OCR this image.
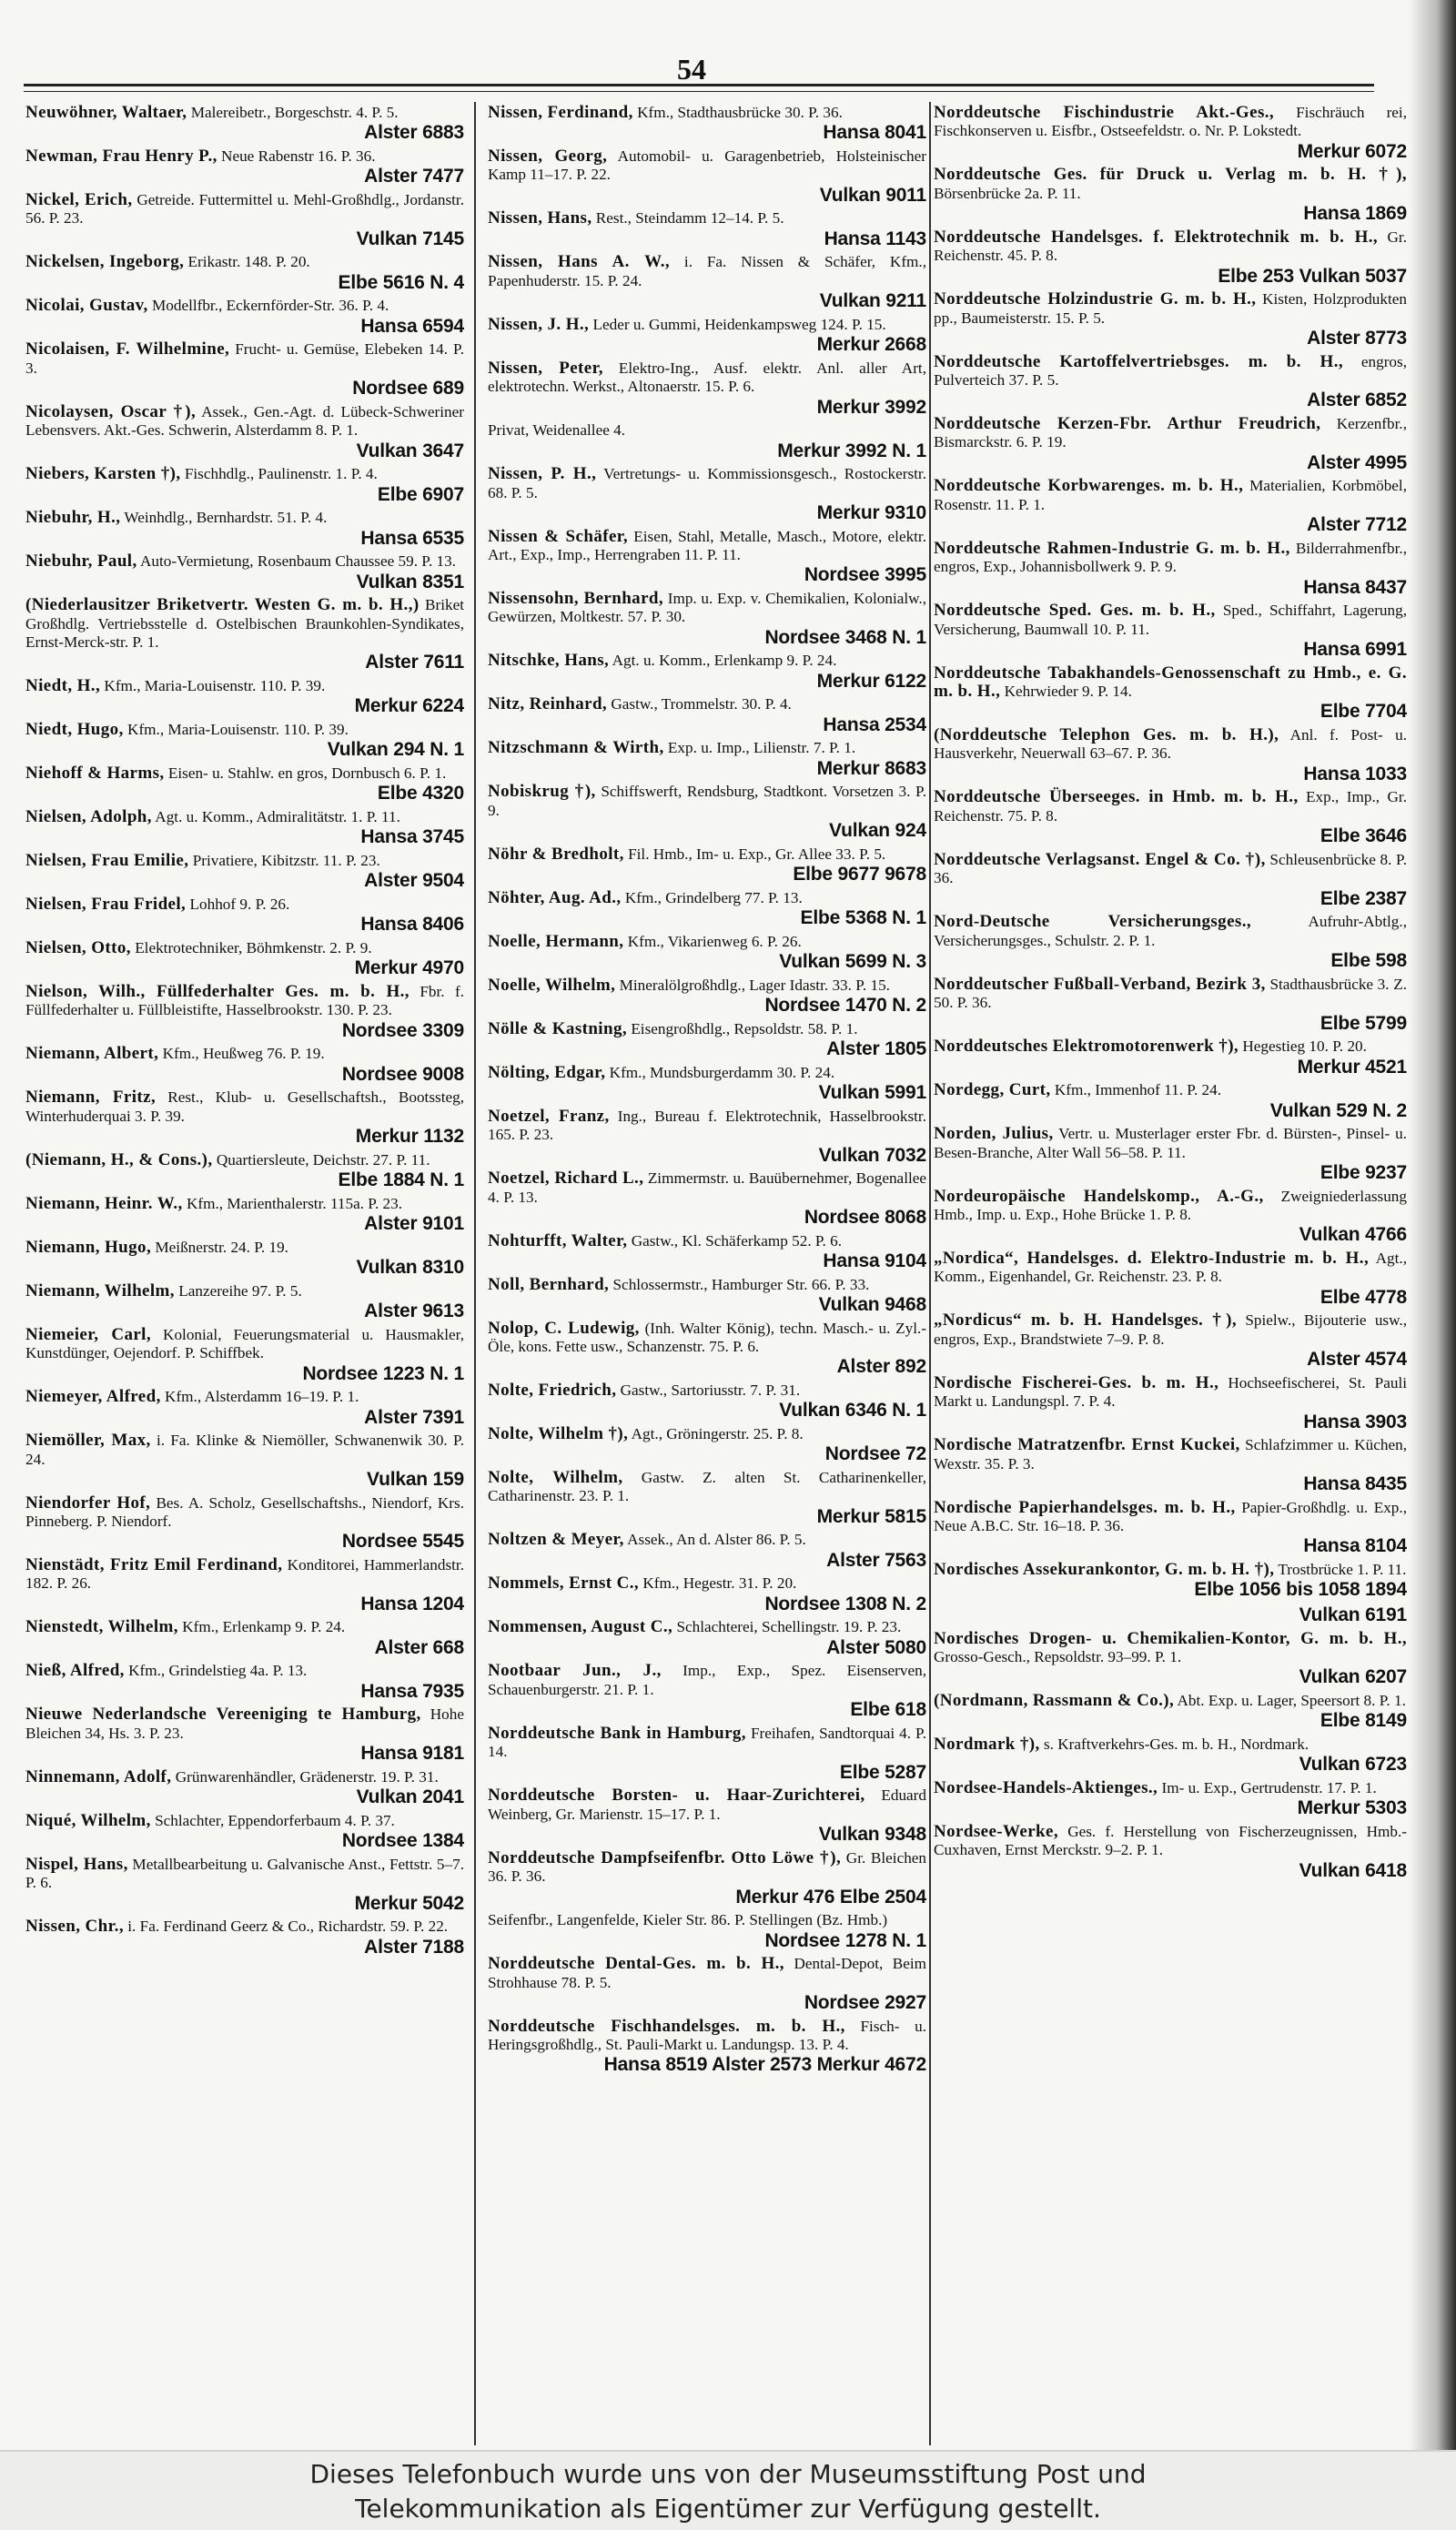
54
Neuwöhner, Waltaer, Malereibetr., Borgeschstr. 4. P. 5.
Alster 6883
Newman, Frau Henry P., Neue Rabenstr 16. P. 36.
Alster 7477
Nickel, Erich, Getreide. Futtermittel u. Mehl-Großhdlg., Jordanstr. 56. P. 23.
Vulkan 7145
Nickelsen, Ingeborg, Erikastr. 148. P. 20.
Elbe 5616 N. 4
Nicolai, Gustav, Modellfbr., Eckernförder-Str. 36. P. 4.
Hansa 6594
Nicolaisen, F. Wilhelmine, Frucht- u. Gemüse, Elebeken 14. P. 3.
Nordsee 689
Nicolaysen, Oscar †), Assek., Gen.-Agt. d. Lübeck-Schweriner Lebensvers. Akt.-Ges. Schwerin, Alsterdamm 8. P. 1.
Vulkan 3647
Niebers, Karsten †), Fischhdlg., Paulinenstr. 1. P. 4.
Elbe 6907
Niebuhr, H., Weinhdlg., Bernhardstr. 51. P. 4.
Hansa 6535
Niebuhr, Paul, Auto-Vermietung, Rosenbaum Chaussee 59. P. 13.
Vulkan 8351
(Niederlausitzer Briketvertr. Westen G. m. b. H.,) Briket Großhdlg. Vertriebsstelle d. Ostelbischen Braunkohlen-Syndikates, Ernst-Merck-str. P. 1.
Alster 7611
Niedt, H., Kfm., Maria-Louisenstr. 110. P. 39.
Merkur 6224
Niedt, Hugo, Kfm., Maria-Louisenstr. 110. P. 39.
Vulkan 294 N. 1
Niehoff & Harms, Eisen- u. Stahlw. en gros, Dornbusch 6. P. 1.
Elbe 4320
Nielsen, Adolph, Agt. u. Komm., Admiralitätstr. 1. P. 11.
Hansa 3745
Nielsen, Frau Emilie, Privatiere, Kibitzstr. 11. P. 23.
Alster 9504
Nielsen, Frau Fridel, Lohhof 9. P. 26.
Hansa 8406
Nielsen, Otto, Elektrotechniker, Böhmkenstr. 2. P. 9.
Merkur 4970
Nielson, Wilh., Füllfederhalter Ges. m. b. H., Fbr. f. Füllfederhalter u. Füllbleistifte, Hasselbrookstr. 130. P. 23.
Nordsee 3309
Niemann, Albert, Kfm., Heußweg 76. P. 19.
Nordsee 9008
Niemann, Fritz, Rest., Klub- u. Gesellschaftsh., Bootssteg, Winterhuderquai 3. P. 39.
Merkur 1132
(Niemann, H., & Cons.), Quartiersleute, Deichstr. 27. P. 11.
Elbe 1884 N. 1
Niemann, Heinr. W., Kfm., Marienthalerstr. 115a. P. 23.
Alster 9101
Niemann, Hugo, Meißnerstr. 24. P. 19.
Vulkan 8310
Niemann, Wilhelm, Lanzereihe 97. P. 5.
Alster 9613
Niemeier, Carl, Kolonial, Feuerungsmaterial u. Hausmakler, Kunstdünger, Oejendorf. P. Schiffbek.
Nordsee 1223 N. 1
Niemeyer, Alfred, Kfm., Alsterdamm 16–19. P. 1.
Alster 7391
Niemöller, Max, i. Fa. Klinke & Niemöller, Schwanenwik 30. P. 24.
Vulkan 159
Niendorfer Hof, Bes. A. Scholz, Gesellschaftshs., Niendorf, Krs. Pinneberg. P. Niendorf.
Nordsee 5545
Nienstädt, Fritz Emil Ferdinand, Konditorei, Hammerlandstr. 182. P. 26.
Hansa 1204
Nienstedt, Wilhelm, Kfm., Erlenkamp 9. P. 24.
Alster 668
Nieß, Alfred, Kfm., Grindelstieg 4a. P. 13.
Hansa 7935
Nieuwe Nederlandsche Vereeniging te Hamburg, Hohe Bleichen 34, Hs. 3. P. 23.
Hansa 9181
Ninnemann, Adolf, Grünwarenhändler, Grädenerstr. 19. P. 31.
Vulkan 2041
Niqué, Wilhelm, Schlachter, Eppendorferbaum 4. P. 37.
Nordsee 1384
Nispel, Hans, Metallbearbeitung u. Galvanische Anst., Fettstr. 5–7. P. 6.
Merkur 5042
Nissen, Chr., i. Fa. Ferdinand Geerz & Co., Richardstr. 59. P. 22.
Alster 7188
Nissen, Ferdinand, Kfm., Stadthausbrücke 30. P. 36.
Hansa 8041
Nissen, Georg, Automobil- u. Garagenbetrieb, Holsteinischer Kamp 11–17. P. 22.
Vulkan 9011
Nissen, Hans, Rest., Steindamm 12–14. P. 5.
Hansa 1143
Nissen, Hans A. W., i. Fa. Nissen & Schäfer, Kfm., Papenhuderstr. 15. P. 24.
Vulkan 9211
Nissen, J. H., Leder u. Gummi, Heidenkampsweg 124. P. 15.
Merkur 2668
Nissen, Peter, Elektro-Ing., Ausf. elektr. Anl. aller Art, elektrotechn. Werkst., Altonaerstr. 15. P. 6.
Merkur 3992
Privat, Weidenallee 4.
Merkur 3992 N. 1
Nissen, P. H., Vertretungs- u. Kommissionsgesch., Rostockerstr. 68. P. 5.
Merkur 9310
Nissen & Schäfer, Eisen, Stahl, Metalle, Masch., Motore, elektr. Art., Exp., Imp., Herrengraben 11. P. 11.
Nordsee 3995
Nissensohn, Bernhard, Imp. u. Exp. v. Chemikalien, Kolonialw., Gewürzen, Moltkestr. 57. P. 30.
Nordsee 3468 N. 1
Nitschke, Hans, Agt. u. Komm., Erlenkamp 9. P. 24.
Merkur 6122
Nitz, Reinhard, Gastw., Trommelstr. 30. P. 4.
Hansa 2534
Nitzschmann & Wirth, Exp. u. Imp., Lilienstr. 7. P. 1.
Merkur 8683
Nobiskrug †), Schiffswerft, Rendsburg, Stadtkont. Vorsetzen 3. P. 9.
Vulkan 924
Nöhr & Bredholt, Fil. Hmb., Im- u. Exp., Gr. Allee 33. P. 5.
Elbe 9677 9678
Nöhter, Aug. Ad., Kfm., Grindelberg 77. P. 13.
Elbe 5368 N. 1
Noelle, Hermann, Kfm., Vikarienweg 6. P. 26.
Vulkan 5699 N. 3
Noelle, Wilhelm, Mineralölgroßhdlg., Lager Idastr. 33. P. 15.
Nordsee 1470 N. 2
Nölle & Kastning, Eisengroßhdlg., Repsoldstr. 58. P. 1.
Alster 1805
Nölting, Edgar, Kfm., Mundsburgerdamm 30. P. 24.
Vulkan 5991
Noetzel, Franz, Ing., Bureau f. Elektrotechnik, Hasselbrookstr. 165. P. 23.
Vulkan 7032
Noetzel, Richard L., Zimmermstr. u. Bauübernehmer, Bogenallee 4. P. 13.
Nordsee 8068
Nohturfft, Walter, Gastw., Kl. Schäferkamp 52. P. 6.
Hansa 9104
Noll, Bernhard, Schlossermstr., Hamburger Str. 66. P. 33.
Vulkan 9468
Nolop, C. Ludewig, (Inh. Walter König), techn. Masch.- u. Zyl.-Öle, kons. Fette usw., Schanzenstr. 75. P. 6.
Alster 892
Nolte, Friedrich, Gastw., Sartoriusstr. 7. P. 31.
Vulkan 6346 N. 1
Nolte, Wilhelm †), Agt., Gröningerstr. 25. P. 8.
Nordsee 72
Nolte, Wilhelm, Gastw. Z. alten St. Catharinenkeller, Catharinenstr. 23. P. 1.
Merkur 5815
Noltzen & Meyer, Assek., An d. Alster 86. P. 5.
Alster 7563
Nommels, Ernst C., Kfm., Hegestr. 31. P. 20.
Nordsee 1308 N. 2
Nommensen, August C., Schlachterei, Schellingstr. 19. P. 23.
Alster 5080
Nootbaar Jun., J., Imp., Exp., Spez. Eisenserven, Schauenburgerstr. 21. P. 1.
Elbe 618
Norddeutsche Bank in Hamburg, Freihafen, Sandtorquai 4. P. 14.
Elbe 5287
Norddeutsche Borsten- u. Haar-Zurichterei, Eduard Weinberg, Gr. Marienstr. 15–17. P. 1.
Vulkan 9348
Norddeutsche Dampfseifenfbr. Otto Löwe †), Gr. Bleichen 36. P. 36.
Merkur 476 Elbe 2504
Seifenfbr., Langenfelde, Kieler Str. 86. P. Stellingen (Bz. Hmb.)
Nordsee 1278 N. 1
Norddeutsche Dental-Ges. m. b. H., Dental-Depot, Beim Strohhause 78. P. 5.
Nordsee 2927
Norddeutsche Fischhandelsges. m. b. H., Fisch- u. Heringsgroßhdlg., St. Pauli-Markt u. Landungsp. 13. P. 4.
Hansa 8519 Alster 2573 Merkur 4672
Norddeutsche Fischindustrie Akt.-Ges., Fischräuch rei, Fischkonserven u. Eisfbr., Ostseefeldstr. o. Nr. P. Lokstedt.
Merkur 6072
Norddeutsche Ges. für Druck u. Verlag m. b. H. †), Börsenbrücke 2a. P. 11.
Hansa 1869
Norddeutsche Handelsges. f. Elektrotechnik m. b. H., Gr. Reichenstr. 45. P. 8.
Elbe 253 Vulkan 5037
Norddeutsche Holzindustrie G. m. b. H., Kisten, Holzprodukten pp., Baumeisterstr. 15. P. 5.
Alster 8773
Norddeutsche Kartoffelvertriebsges. m. b. H., engros, Pulverteich 37. P. 5.
Alster 6852
Norddeutsche Kerzen-Fbr. Arthur Freudrich, Kerzenfbr., Bismarckstr. 6. P. 19.
Alster 4995
Norddeutsche Korbwarenges. m. b. H., Materialien, Korbmöbel, Rosenstr. 11. P. 1.
Alster 7712
Norddeutsche Rahmen-Industrie G. m. b. H., Bilderrahmenfbr., engros, Exp., Johannisbollwerk 9. P. 9.
Hansa 8437
Norddeutsche Sped. Ges. m. b. H., Sped., Schiffahrt, Lagerung, Versicherung, Baumwall 10. P. 11.
Hansa 6991
Norddeutsche Tabakhandels-Genossenschaft zu Hmb., e. G. m. b. H., Kehrwieder 9. P. 14.
Elbe 7704
(Norddeutsche Telephon Ges. m. b. H.), Anl. f. Post- u. Hausverkehr, Neuerwall 63–67. P. 36.
Hansa 1033
Norddeutsche Überseeges. in Hmb. m. b. H., Exp., Imp., Gr. Reichenstr. 75. P. 8.
Elbe 3646
Norddeutsche Verlagsanst. Engel & Co. †), Schleusenbrücke 8. P. 36.
Elbe 2387
Nord-Deutsche Versicherungsges.,	Aufruhr-Abtlg., Versicherungsges., Schulstr. 2. P. 1.
Elbe 598
Norddeutscher Fußball-Verband, Bezirk 3, Stadthausbrücke 3. Z. 50. P. 36.
Elbe 5799
Norddeutsches Elektromotorenwerk †), Hegestieg 10. P. 20.
Merkur 4521
Nordegg, Curt, Kfm., Immenhof 11. P. 24.
Vulkan 529 N. 2
Norden, Julius, Vertr. u. Musterlager erster Fbr. d. Bürsten-, Pinsel- u. Besen-Branche, Alter Wall 56–58. P. 11.
Elbe 9237
Nordeuropäische Handelskomp., A.-G., Zweigniederlassung Hmb., Imp. u. Exp., Hohe Brücke 1. P. 8.
Vulkan 4766
„Nordica“, Handelsges. d. Elektro-Industrie m. b. H., Agt., Komm., Eigenhandel, Gr. Reichenstr. 23. P. 8.
Elbe 4778
„Nordicus“ m. b. H. Handelsges. †), Spielw., Bijouterie usw., engros, Exp., Brandstwiete 7–9. P. 8.
Alster 4574
Nordische Fischerei-Ges. b. m. H., Hochseefischerei, St. Pauli Markt u. Landungspl. 7. P. 4.
Hansa 3903
Nordische Matratzenfbr. Ernst Kuckei, Schlafzimmer u. Küchen, Wexstr. 35. P. 3.
Hansa 8435
Nordische Papierhandelsges. m. b. H., Papier-Großhdlg. u. Exp., Neue A.B.C. Str. 16–18. P. 36.
Hansa 8104
Nordisches Assekurankontor, G. m. b. H. †), Trostbrücke 1. P. 11.
Elbe 1056 bis 1058 1894
Vulkan 6191
Nordisches Drogen- u. Chemikalien-Kontor, G. m. b. H., Grosso-Gesch., Repsoldstr. 93–99. P. 1.
Vulkan 6207
(Nordmann, Rassmann & Co.), Abt. Exp. u. Lager, Speersort 8. P. 1.
Elbe 8149
Nordmark †), s. Kraftverkehrs-Ges. m. b. H., Nordmark.
Vulkan 6723
Nordsee-Handels-Aktienges., Im- u. Exp., Gertrudenstr. 17. P. 1.
Merkur 5303
Nordsee-Werke, Ges. f. Herstellung von Fischerzeugnissen, Hmb.-Cuxhaven, Ernst Merckstr. 9–2. P. 1.
Vulkan 6418
Dieses Telefonbuch wurde uns von der Museumsstiftung Post und
Telekommunikation als Eigentümer zur Verfügung gestellt.
